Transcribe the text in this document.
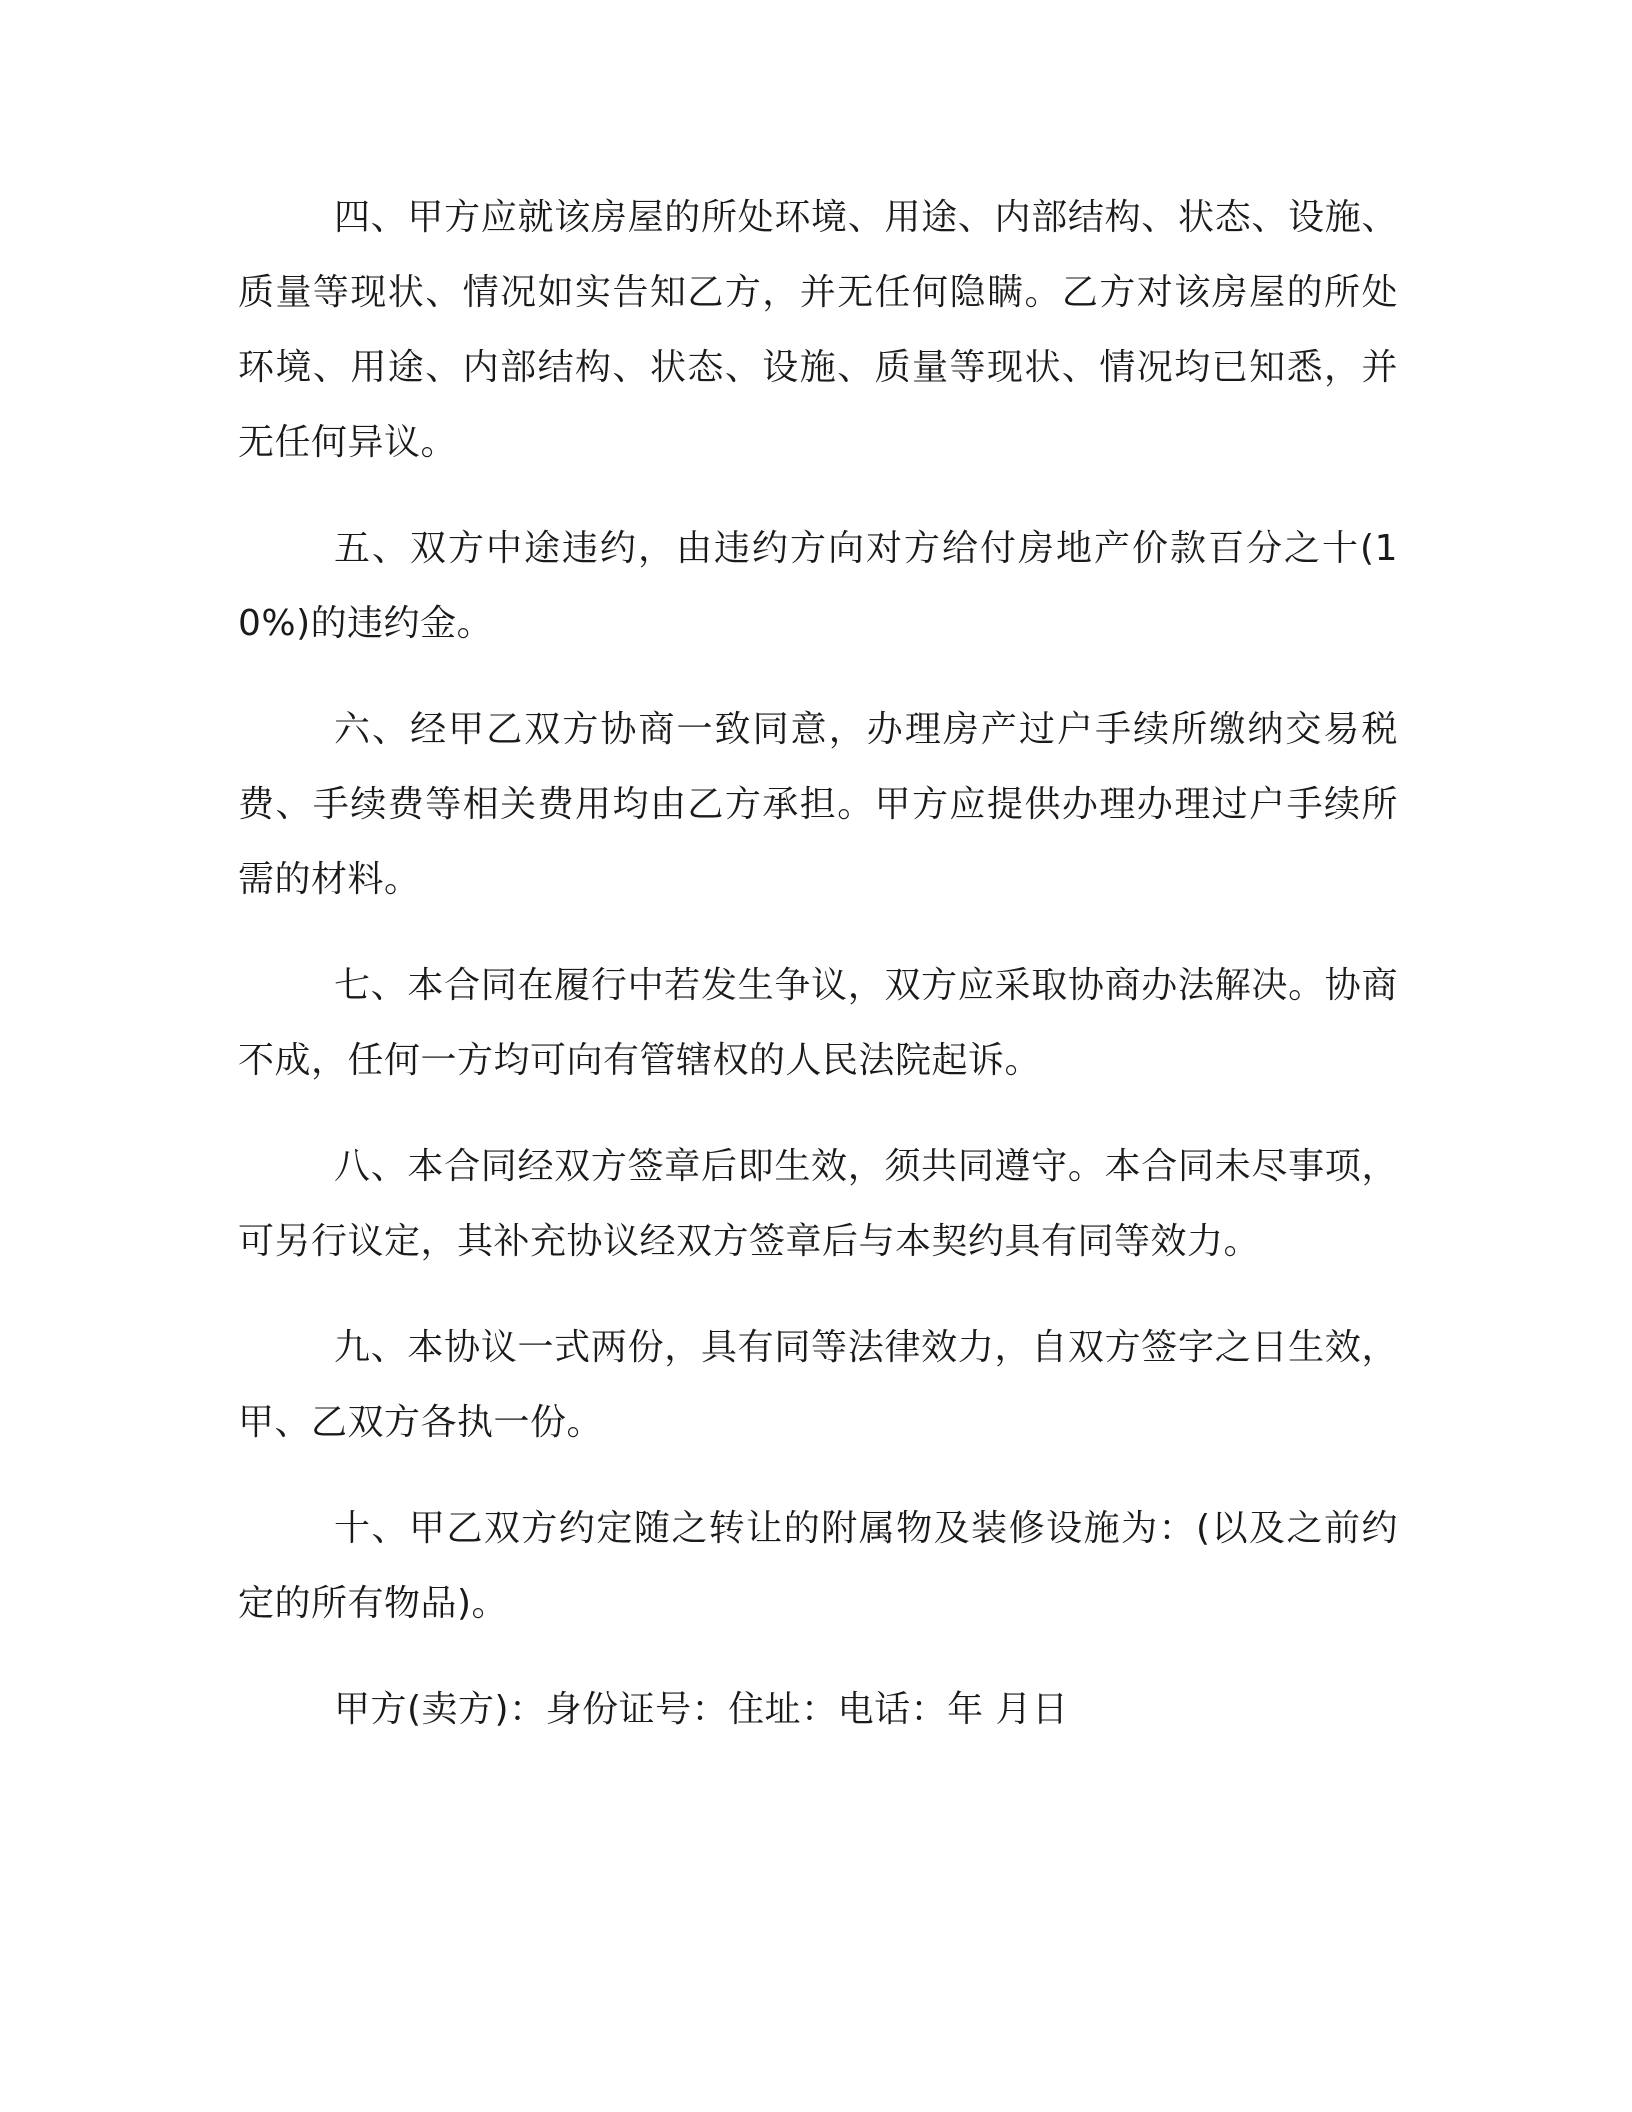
四、甲方应就该房屋的所处环境、用途、内部结构、状态、设施、质量等现状、情况如实告知乙方，并无任何隐瞒。乙方对该房屋的所处环境、用途、内部结构、状态、设施、质量等现状、情况均已知悉，并无任何异议。

五、双方中途违约，由违约方向对方给付房地产价款百分之十(10%)的违约金。

六、经甲乙双方协商一致同意，办理房产过户手续所缴纳交易税费、手续费等相关费用均由乙方承担。甲方应提供办理办理过户手续所需的材料。

七、本合同在履行中若发生争议，双方应采取协商办法解决。协商不成，任何一方均可向有管辖权的人民法院起诉。

八、本合同经双方签章后即生效，须共同遵守。本合同未尽事项，可另行议定，其补充协议经双方签章后与本契约具有同等效力。

九、本协议一式两份，具有同等法律效力，自双方签字之日生效，甲、乙双方各执一份。

十、甲乙双方约定随之转让的附属物及装修设施为：(以及之前约定的所有物品)。

甲方(卖方)：身份证号：住址：电话：年 月日
